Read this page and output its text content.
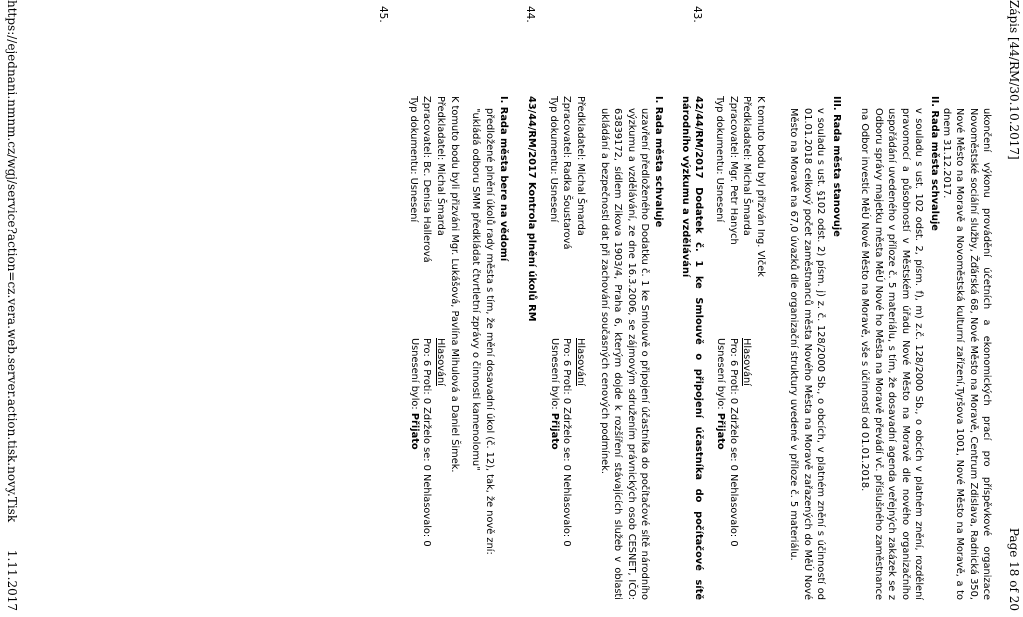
Zápis [44/RM/30.10.2017]
Page 18 of 20
ukončení výkonu provádění účetních a ekonomických prací pro příspěvkové organizace Novoměstské sociální služby, Žďárská 68, Nové Město na Moravě, Centrum Zdislava, Radnická 350, Nové Město na Moravě a Novoměstská kulturní zařízení,Tyršova 1001, Nové Město na Moravě, a to dnem 31.12.2017.
II. Rada města schvaluje
v souladu s ust. 102 odst. 2, písm. f), m) z.č. 128/2000 Sb., o obcích v platném znění, rozdělení pravomocí a působností v Městském úřadu Nové Město na Moravě dle nového organizačního uspořádání uvedeného v příloze č. 5 materiálu, s tím, že dosavadní agenda veřejných zakázek se z Odboru správy majetku města MěÚ Nové ho Města na Moravě převádí vč. příslušného zaměstnance na Odbor investic MěÚ Nové Město na Moravě, vše s účinností od 01.01.2018.
III. Rada města stanovuje
v souladu s ust. §102 odst. 2) písm. j) z. č. 128/2000 Sb., o obcích, v platném znění s účinností od 01.01.2018 celkový počet zaměstnanců města Nového Města na Moravě zařazených do MěÚ Nové Město na Moravě na 67,0 úvazků dle organizační struktury uvedené v příloze č. 5 materiálu.
K tomuto bodu byl přizván Ing. Vlček
Předkladatel: Michal Šmarda
Hlasování
Zpracovatel: Mgr. Petr Hanych
Pro: 6 Proti: 0 Zdrželo se: 0 Nehlasovalo: 0
Typ dokumentu: Usnesení
Usnesení bylo: Přijato
43.
42/44/RM/2017 Dodatek č. 1 ke Smlouvě o připojení účastníka do počítačové sítě národního výzkumu a vzdělávání
I. Rada města schvaluje
uzavření předloženého Dodatku č. 1 ke Smlouvě o připojení účastníka do počítačové sítě národního výzkumu a vzdělávání, ze dne 16.3.2006, se zájmovým sdružením právnických osob CESNET, IČO: 63839172, sídlem Zikova 1903/4, Praha 6, kterým dojde k rozšíření stávajících služeb v oblasti ukládání a bezpečnosti dat při zachování současných cenových podmínek.
Předkladatel: Michal Šmarda
Hlasování
Zpracovatel: Radka Šoustarová
Pro: 6 Proti: 0 Zdrželo se: 0 Nehlasovalo: 0
Typ dokumentu: Usnesení
Usnesení bylo: Přijato
44.
43/44/RM/2017 Kontrola plnění úkolů RM
I. Rada města bere na vědomí
předložené plnění úkolů rady města s tím, že mění dosavadní úkol (č. 12), tak, že nově zní:
"ukládá odboru SMM předkládat čtvrtletní zprávy o činnosti kamenolomu"
K tomuto bodu byli přizváni Mgr. Lukášová, Pavlína Mihulová a Daniel Šimek.
Předkladatel: Michal Šmarda
Hlasování
Zpracovatel: Bc. Denisa Hallerová
Pro: 6 Proti: 0 Zdrželo se: 0 Nehlasovalo: 0
Typ dokumentu: Usnesení
Usnesení bylo: Přijato
45.
https://ejednani.nmnm.cz/wgj/service?action=cz.vera.web.server.action.tisk.novy.Tisk
1.11.2017
